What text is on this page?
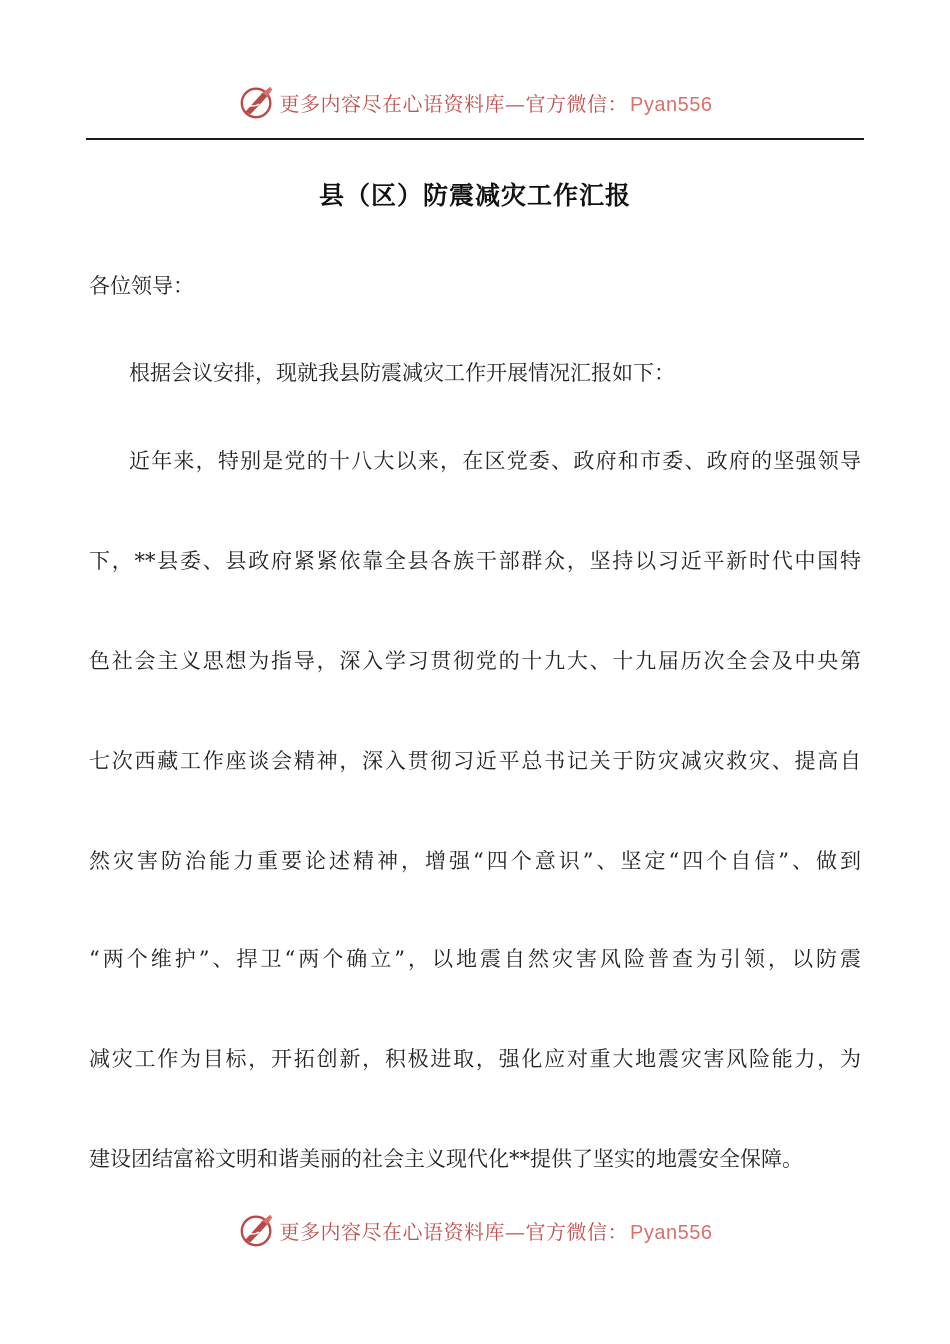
更多内容尽在心语资料库—官方微信： Pyan556
县（区）防震减灾工作汇报
各位领导：
根据会议安排，现就我县防震减灾工作开展情况汇报如下：
近年来，特别是党的十八大以来，在区党委、政府和市委、政府的坚强领导
下，**县委、县政府紧紧依靠全县各族干部群众，坚持以习近平新时代中国特
色社会主义思想为指导，深入学习贯彻党的十九大、十九届历次全会及中央第
七次西藏工作座谈会精神，深入贯彻习近平总书记关于防灾减灾救灾、提高自
然灾害防治能力重要论述精神，增强“四个意识”、坚定“四个自信”、做到
“两个维护”、捍卫“两个确立”，以地震自然灾害风险普查为引领，以防震
减灾工作为目标，开拓创新，积极进取，强化应对重大地震灾害风险能力，为
建设团结富裕文明和谐美丽的社会主义现代化**提供了坚实的地震安全保障。
更多内容尽在心语资料库—官方微信： Pyan556
